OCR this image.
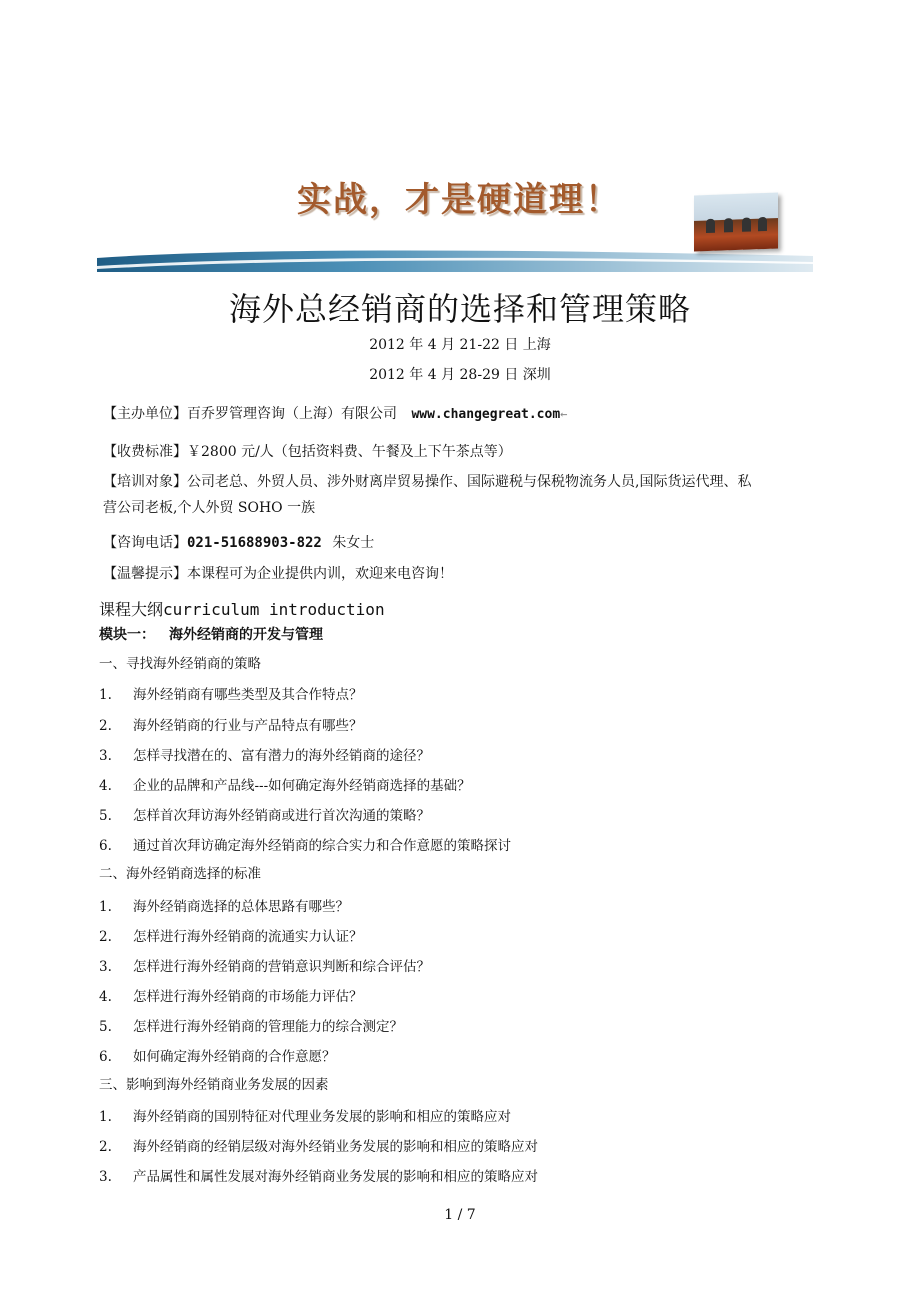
实战，才是硬道理！
海外总经销商的选择和管理策略
2012 年 4 月 21-22 日 上海
2012 年 4 月 28-29 日 深圳
【主办单位】百乔罗管理咨询（上海）有限公司 www.changegreat.com←
【收费标准】￥2800 元/人（包括资料费、午餐及上下午茶点等）
【培训对象】公司老总、外贸人员、涉外财离岸贸易操作、国际避税与保税物流务人员,国际货运代理、私
营公司老板,个人外贸 SOHO 一族
【咨询电话】021-51688903-822 朱女士
【温馨提示】本课程可为企业提供内训，欢迎来电咨询！
课程大纲curriculum introduction
模块一： 海外经销商的开发与管理
一、寻找海外经销商的策略
1. 海外经销商有哪些类型及其合作特点？
2. 海外经销商的行业与产品特点有哪些？
3. 怎样寻找潜在的、富有潜力的海外经销商的途径？
4. 企业的品牌和产品线---如何确定海外经销商选择的基础？
5. 怎样首次拜访海外经销商或进行首次沟通的策略？
6. 通过首次拜访确定海外经销商的综合实力和合作意愿的策略探讨
二、海外经销商选择的标准
1. 海外经销商选择的总体思路有哪些？
2. 怎样进行海外经销商的流通实力认证？
3. 怎样进行海外经销商的营销意识判断和综合评估？
4. 怎样进行海外经销商的市场能力评估？
5. 怎样进行海外经销商的管理能力的综合测定？
6. 如何确定海外经销商的合作意愿？
三、影响到海外经销商业务发展的因素
1. 海外经销商的国别特征对代理业务发展的影响和相应的策略应对
2. 海外经销商的经销层级对海外经销业务发展的影响和相应的策略应对
3. 产品属性和属性发展对海外经销商业务发展的影响和相应的策略应对
1 / 7
